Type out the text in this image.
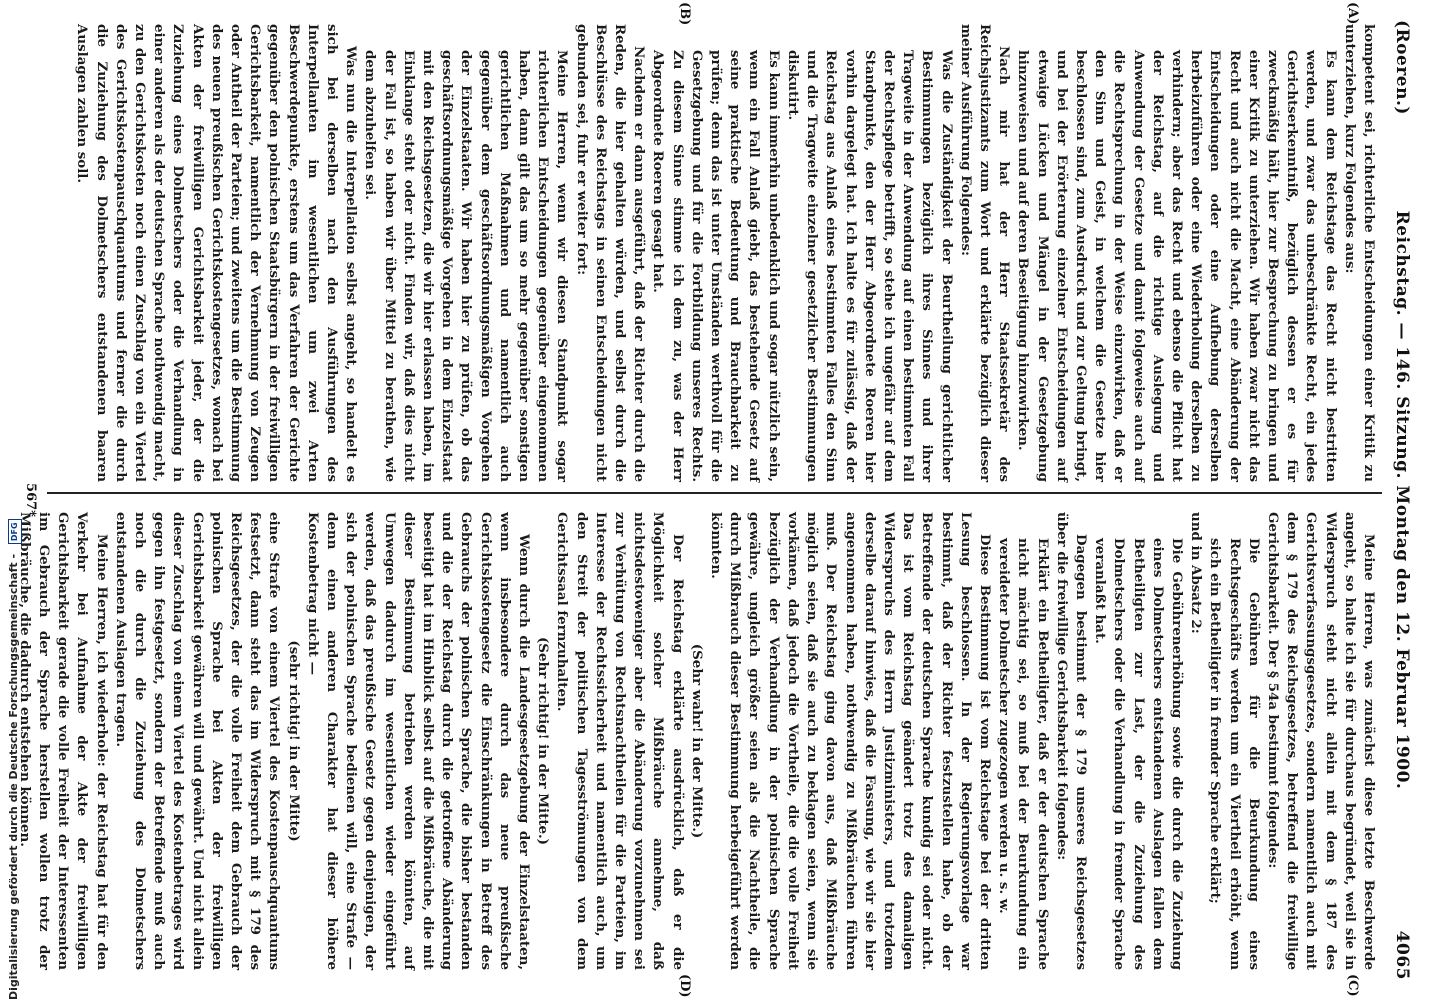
(Roeren.)
Reichstag. — 146. Sitzung. Montag den 12. Februar 1900.
4065
(A)
(B)
(C)
(D)

kompetent sei, richterliche Entscheidungen einer Kritik zu unterziehen, kurz Folgendes aus:

Es kann dem Reichstage das Recht nicht bestritten werden, und zwar das unbeschränkte Recht, ein jedes Gerichtserkenntniß, bezüglich dessen er es für zweckmäßig hält, hier zur Besprechung zu bringen und einer Kritik zu unterziehen. Wir haben zwar nicht das Recht und auch nicht die Macht, eine Abänderung der Entscheidungen oder eine Aufhebung derselben herbeizuführen oder eine Wiederholung derselben zu verhindern; aber das Recht und ebenso die Pflicht hat der Reichstag, auf die richtige Auslegung und Anwendung der Gesetze und damit folgeweise auch auf die Rechtsprechung in der Weise einzuwirken, daß er den Sinn und Geist, in welchem die Gesetze hier beschlossen sind, zum Ausdruck und zur Geltung bringt, und bei der Erörterung einzelner Entscheidungen auf etwaige Lücken und Mängel in der Gesetzgebung hinzuweisen und auf deren Beseitigung hinzuwirken.

Nach mir hat der Herr Staatssekretär des Reichsjustizamts zum Wort und erklärte bezüglich dieser meiner Ausführung Folgendes:

Was die Zuständigkeit der Beurtheilung gerichtlicher Bestimmungen bezüglich ihres Sinnes und ihrer Tragweite in der Anwendung auf einen bestimmten Fall der Rechtspflege betrifft, so stehe ich ungefähr auf dem Standpunkte, den der Herr Abgeordnete Roeren hier vorhin dargelegt hat. Ich halte es für zulässig, daß der Reichstag aus Anlaß eines bestimmten Falles den Sinn und die Tragweite einzelner gesetzlicher Bestimmungen diskutirt.

Es kann immerhin unbedenklich und sogar nützlich sein, wenn ein Fall Anlaß giebt, das bestehende Gesetz auf seine praktische Bedeutung und Brauchbarkeit zu prüfen; denn das ist unter Umständen werthvoll für die Gesetzgebung und für die Fortbildung unseres Rechts. Zu diesem Sinne stimme ich dem zu, was der Herr Abgeordnete Roeren gesagt hat.

Nachdem er dann ausgeführt, daß der Richter durch die Reden, die hier gehalten würden, und selbst durch die Beschlüsse des Reichstags in seinen Entscheidungen nicht gebunden sei, fuhr er weiter fort:

Meine Herren, wenn wir diesen Standpunkt sogar richterlichen Entscheidungen gegenüber eingenommen haben, dann gilt das um so mehr gegenüber sonstigen gerichtlichen Maßnahmen und namentlich auch gegenüber dem geschäftsordnungsmäßigen Vorgehen der Einzelstaaten. Wir haben hier zu prüfen, ob das geschäftsordnungsmäßige Vorgehen in dem Einzelstaat mit den Reichsgesetzen, die wir hier erlassen haben, im Einklange steht oder nicht. Finden wir, daß dies nicht der Fall ist, so haben wir über Mittel zu berathen, wie dem abzuhelfen sei.

Was nun die Interpellation selbst angeht, so handelt es sich bei derselben nach den Ausführungen des Interpellanten im wesentlichen um zwei Arten Beschwerdepunkte, erstens um das Verfahren der Gerichte gegenüber den polnischen Staatsbürgern in der freiwilligen Gerichtsbarkeit, namentlich der Vernehmung von Zeugen oder Antheil der Parteien; und zweitens um die Bestimmung des neuen preußischen Gerichtskostengesetzes, wonach bei Akten der freiwilligen Gerichtsbarkeit jeder, der die Zuziehung eines Dolmetschers oder die Verhandlung in einer anderen als der deutschen Sprache nothwendig macht, zu den Gerichtskosten noch einen Zuschlag von ein Viertel des Gerichtskostenpauschquantums und ferner die durch die Zuziehung des Dolmetschers entstandenen baaren Auslagen zahlen soll.

Meine Herren, was zunächst diese letzte Beschwerde angeht, so halte ich sie für durchaus begründet, weil sie in Widerspruch steht nicht allein mit dem § 187 des Gerichtsverfassungsgesetzes, sondern namentlich auch mit dem § 179 des Reichsgesetzes, betreffend die freiwillige Gerichtsbarkeit. Der § 54a bestimmt folgendes:

Die Gebühren für die Beurkundung eines Rechtsgeschäfts werden um ein Viertheil erhöht, wenn sich ein Betheiligter in fremder Sprache erklärt;

und in Absatz 2:

Die Gebührenerhöhung sowie die durch die Zuziehung eines Dolmetschers entstandenen Auslagen fallen dem Betheiligten zur Last, der die Zuziehung des Dolmetschers oder die Verhandlung in fremder Sprache veranlaßt hat.

Dagegen bestimmt der § 179 unseres Reichsgesetzes über die freiwillige Gerichtsbarkeit folgendes:

Erklärt ein Betheiligter, daß er der deutschen Sprache nicht mächtig sei, so muß bei der Beurkundung ein vereideter Dolmetscher zugezogen werden u. s. w.

Diese Bestimmung ist vom Reichstage bei der dritten Lesung beschlossen. In der Regierungsvorlage war bestimmt, daß der Richter festzustellen habe, ob der Betreffende der deutschen Sprache kundig sei oder nicht. Das ist vom Reichstag geändert trotz des damaligen Widerspruchs des Herrn Justizministers, und trotzdem derselbe darauf hinwies, daß die Fassung, wie wir sie hier angenommen haben, nothwendig zu Mißbräuchen führen muß. Der Reichstag ging davon aus, daß Mißbräuche möglich seien, daß sie auch zu beklagen seien, wenn sie vorkämen, daß jedoch die Vortheile, die die volle Freiheit bezüglich der Verhandlung in der polnischen Sprache gewähre, ungleich größer seien als die Nachtheile, die durch Mißbrauch dieser Bestimmung herbeigeführt werden könnten.

(Sehr wahr! in der Mitte.)

Der Reichstag erklärte ausdrücklich, daß er die Möglichkeit solcher Mißbräuche annehme, daß nichtsdestoweniger aber die Abänderung vorzunehmen sei zur Verhütung von Rechtsnachtheilen für die Parteien, im Interesse der Rechtssicherheit und namentlich auch, um den Streit der politischen Tagesströmungen von dem Gerichtssaal fernzuhalten.

(Sehr richtig! in der Mitte.)

Wenn durch die Landesgesetzgebung der Einzelstaaten, wenn insbesondere durch das neue preußische Gerichtskostengesetz die Einschränkungen in Betreff des Gebrauchs der polnischen Sprache, die bisher bestanden und die der Reichstag durch die getroffene Abänderung beseitigt hat im Hinblick selbst auf die Mißbräuche, die mit dieser Bestimmung betrieben werden könnten, auf Umwegen dadurch im wesentlichen wieder eingeführt werden, daß das preußische Gesetz gegen denjenigen, der sich der polnischen Sprache bedienen will, eine Strafe — denn einen anderen Charakter hat dieser höhere Kostenbetrag nicht —

(sehr richtig! in der Mitte)

eine Strafe von einem Viertel des Kostenpauschquantums festsetzt, dann steht das im Widerspruch mit § 179 des Reichsgesetzes, der die volle Freiheit dem Gebrauch der polnischen Sprache bei Akten der freiwilligen Gerichtsbarkeit gewähren will und gewährt. Und nicht allein dieser Zuschlag von einem Viertel des Kostenbetrages wird gegen ihn festgesetzt, sondern der Betreffende muß auch noch die durch die Zuziehung des Dolmetschers entstandenen Auslagen tragen.

Meine Herren, ich wiederhole: der Reichstag hat für den Verkehr bei Aufnahme der Akte der freiwilligen Gerichtsbarkeit gerade die volle Freiheit der Interessenten im Gebrauch der Sprache herstellen wollen trotz der Mißbräuche, die dadurch entstehen können.

567*
Digitalisierung gefördert durch die Deutsche Forschungsgemeinschaft - DFG
